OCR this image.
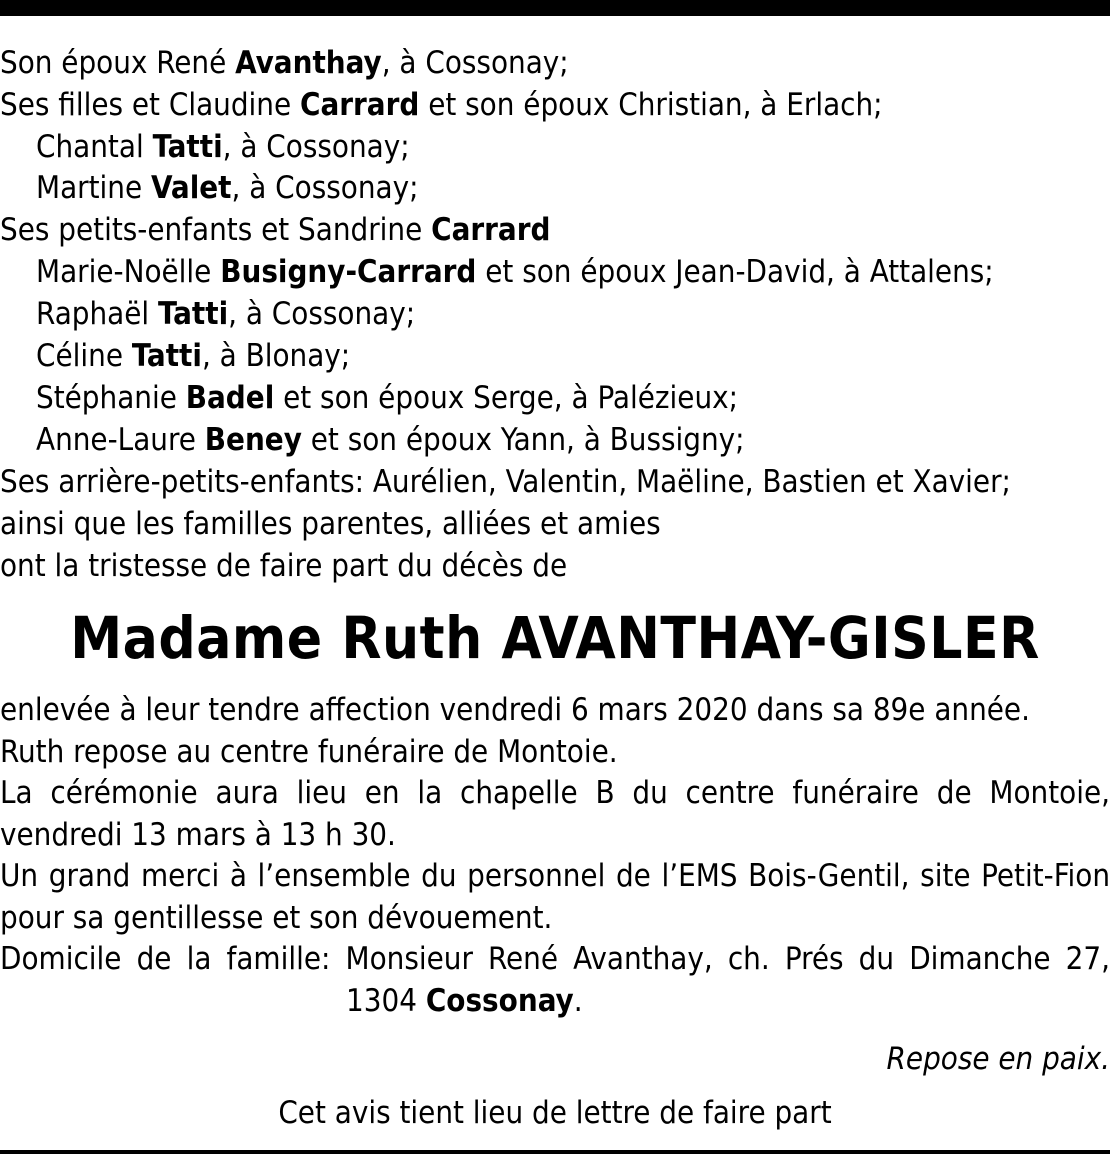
Son époux René Avanthay, à Cossonay;
Ses filles et Claudine Carrard et son époux Christian, à Erlach;
Chantal Tatti, à Cossonay;
Martine Valet, à Cossonay;
Ses petits-enfants et Sandrine Carrard
Marie-Noëlle Busigny-Carrard et son époux Jean-David, à Attalens;
Raphaël Tatti, à Cossonay;
Céline Tatti, à Blonay;
Stéphanie Badel et son époux Serge, à Palézieux;
Anne-Laure Beney et son époux Yann, à Bussigny;
Ses arrière-petits-enfants: Aurélien, Valentin, Maëline, Bastien et Xavier;
ainsi que les familles parentes, alliées et amies
ont la tristesse de faire part du décès de
Madame Ruth AVANTHAY-GISLER
enlevée à leur tendre affection vendredi 6 mars 2020 dans sa 89e année.
Ruth repose au centre funéraire de Montoie.
La cérémonie aura lieu en la chapelle B du centre funéraire de Montoie,
vendredi 13 mars à 13 h 30.
Un grand merci à l’ensemble du personnel de l’EMS Bois-Gentil, site Petit-Fion
pour sa gentillesse et son dévouement.
Domicile de la famille: Monsieur René Avanthay, ch. Prés du Dimanche 27,
1304 Cossonay.
Repose en paix.
Cet avis tient lieu de lettre de faire part
